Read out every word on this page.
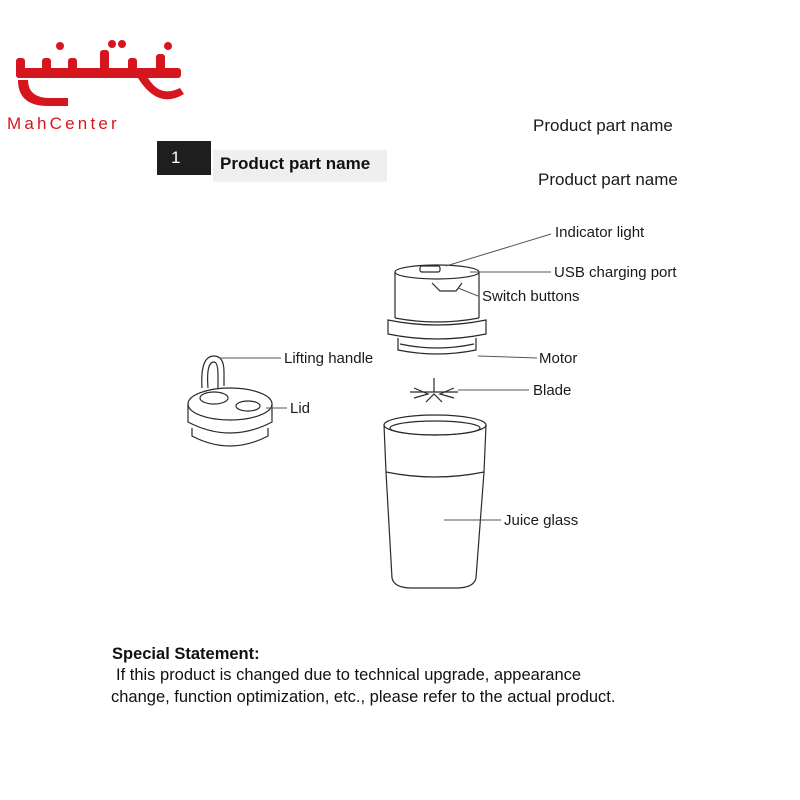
MahCenter
1	Product part name
Product part name
Product part name
Indicator light
USB charging port
Switch buttons
Motor
Blade
Juice glass
Lifting handle
Lid
Special Statement:
If this product is changed due to technical upgrade, appearance
change, function optimization, etc., please refer to the actual product.
